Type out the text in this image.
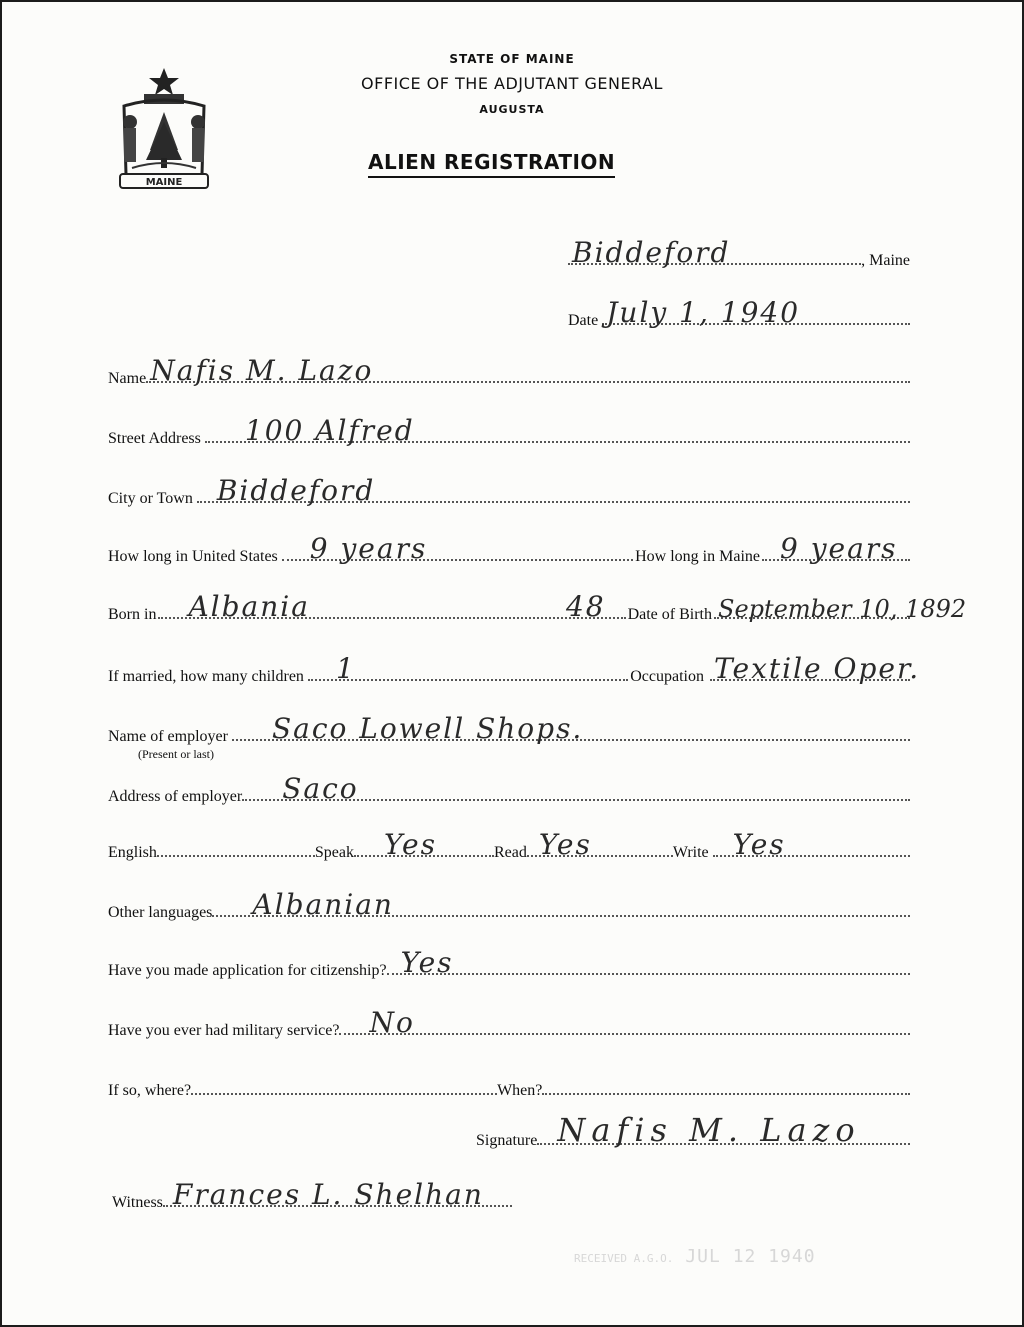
MAINE
STATE OF MAINE
OFFICE OF THE ADJUTANT GENERAL
AUGUSTA
ALIEN REGISTRATION
Biddeford	, Maine
Date July 1, 1940
Name Nafis M. Lazo
Street Address 100 Alfred
City or Town Biddeford
How long in United States 9 years	How long in Maine 9 years
Born in Albania	48 Date of Birth September 10, 1892
If married, how many children 1	Occupation Textile Oper.
Name of employer Saco Lowell Shops.
(Present or last)
Address of employer Saco
English	Speak Yes	Read Yes	Write Yes
Other languages Albanian
Have you made application for citizenship? Yes
Have you ever had military service? No
If so, where?	When?
Signature Nafis M. Lazo
Witness Frances L. Shelhan
RECEIVED A.G.O. JUL 12 1940
